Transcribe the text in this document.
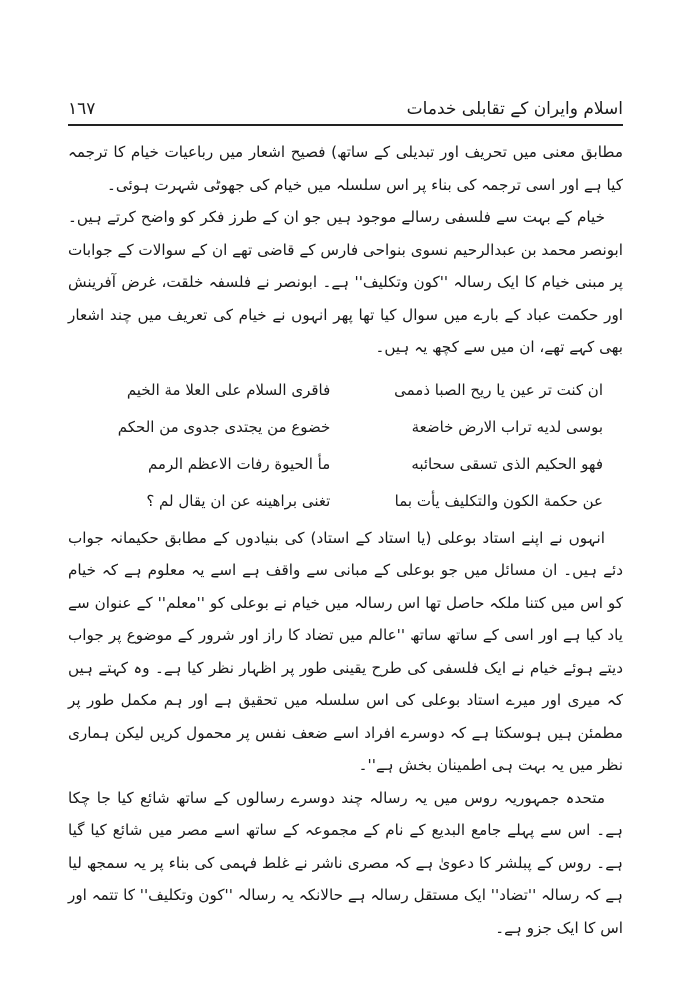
اسلام وایران کے تقابلی خدمات
١٦٧

مطابق معنی میں تحریف اور تبدیلی کے ساتھ) فصیح اشعار میں رباعیات خیام کا ترجمہ کیا ہے اور اسی ترجمہ کی بناء پر اس سلسلہ میں خیام کی جھوٹی شہرت ہوئی۔

خیام کے بہت سے فلسفی رسالے موجود ہیں جو ان کے طرز فکر کو واضح کرتے ہیں۔ ابونصر محمد بن عبدالرحیم نسوی بنواحی فارس کے قاضی تھے ان کے سوالات کے جوابات پر مبنی خیام کا ایک رسالہ ''کون وتکلیف'' ہے۔ ابونصر نے فلسفہ خلقت، غرض آفرینش اور حکمت عباد کے بارے میں سوال کیا تھا پھر انہوں نے خیام کی تعریف میں چند اشعار بھی کہے تھے، ان میں سے کچھ یہ ہیں۔

ان كنت تر عين يا ريح الصبا ذممى
فاقرى السلام على العلا مة الخيم
بوسى لديه تراب الارض خاضعة
خضوع من يجتدى جدوى من الحكم
فهو الحكيم الذى تسقى سحائبه
مأ الحيوة رفات الاعظم الرمم
عن حكمة الكون والتكليف يأت بما
تغنى براهينه عن ان يقال لم ؟

انہوں نے اپنے استاد بوعلی (یا استاد کے استاد) کی بنیادوں کے مطابق حکیمانہ جواب دئے ہیں۔ ان مسائل میں جو بوعلی کے مبانی سے واقف ہے اسے یہ معلوم ہے کہ خیام کو اس میں کتنا ملکہ حاصل تھا اس رسالہ میں خیام نے بوعلی کو ''معلم'' کے عنوان سے یاد کیا ہے اور اسی کے ساتھ ساتھ ''عالم میں تضاد کا راز اور شرور کے موضوع پر جواب دیتے ہوئے خیام نے ایک فلسفی کی طرح یقینی طور پر اظہار نظر کیا ہے۔ وہ کہتے ہیں کہ میری اور میرے استاد بوعلی کی اس سلسلہ میں تحقیق ہے اور ہم مکمل طور پر مطمئن ہیں ہوسکتا ہے کہ دوسرے افراد اسے ضعف نفس پر محمول کریں لیکن ہماری نظر میں یہ بہت ہی اطمینان بخش ہے''۔

متحدہ جمہوریہ روس میں یہ رسالہ چند دوسرے رسالوں کے ساتھ شائع کیا جا چکا ہے۔ اس سے پہلے جامع البدیع کے نام کے مجموعہ کے ساتھ اسے مصر میں شائع کیا گیا ہے۔ روس کے پبلشر کا دعویٰ ہے کہ مصری ناشر نے غلط فہمی کی بناء پر یہ سمجھ لیا ہے کہ رسالہ ''تضاد'' ایک مستقل رسالہ ہے حالانکہ یہ رسالہ ''کون وتکلیف'' کا تتمہ اور اس کا ایک جزو ہے۔
